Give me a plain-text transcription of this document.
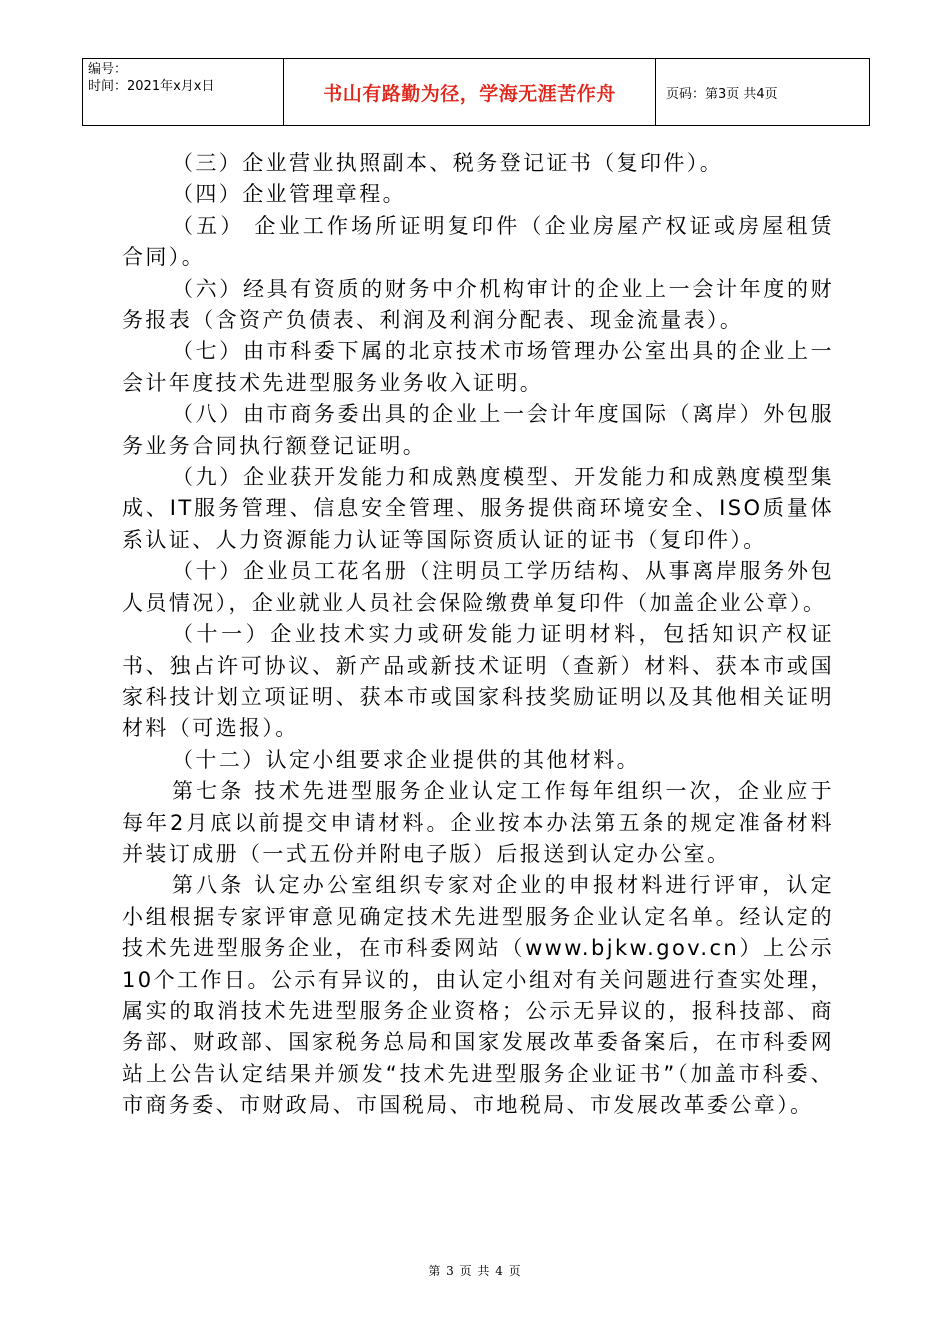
编号：
时间：2021年x月x日	书山有路勤为径，学海无涯苦作舟	页码：第3页 共4页

（三）企业营业执照副本、税务登记证书（复印件）。

（四）企业管理章程。

（五） 企业工作场所证明复印件（企业房屋产权证或房屋租赁合同）。

（六）经具有资质的财务中介机构审计的企业上一会计年度的财务报表（含资产负债表、利润及利润分配表、现金流量表）。

（七）由市科委下属的北京技术市场管理办公室出具的企业上一会计年度技术先进型服务业务收入证明。

（八）由市商务委出具的企业上一会计年度国际（离岸）外包服务业务合同执行额登记证明。

（九）企业获开发能力和成熟度模型、开发能力和成熟度模型集成、IT服务管理、信息安全管理、服务提供商环境安全、ISO质量体系认证、人力资源能力认证等国际资质认证的证书（复印件）。

（十）企业员工花名册（注明员工学历结构、从事离岸服务外包人员情况），企业就业人员社会保险缴费单复印件（加盖企业公章）。

（十一）企业技术实力或研发能力证明材料，包括知识产权证书、独占许可协议、新产品或新技术证明（查新）材料、获本市或国家科技计划立项证明、获本市或国家科技奖励证明以及其他相关证明材料（可选报）。

（十二）认定小组要求企业提供的其他材料。

第七条 技术先进型服务企业认定工作每年组织一次，企业应于每年2月底以前提交申请材料。企业按本办法第五条的规定准备材料并装订成册（一式五份并附电子版）后报送到认定办公室。

第八条 认定办公室组织专家对企业的申报材料进行评审，认定小组根据专家评审意见确定技术先进型服务企业认定名单。经认定的技术先进型服务企业，在市科委网站（www.bjkw.gov.cn）上公示10个工作日。公示有异议的，由认定小组对有关问题进行查实处理，属实的取消技术先进型服务企业资格；公示无异议的，报科技部、商务部、财政部、国家税务总局和国家发展改革委备案后，在市科委网站上公告认定结果并颁发“技术先进型服务企业证书”（加盖市科委、市商务委、市财政局、市国税局、市地税局、市发展改革委公章）。

第 3 页 共 4 页
